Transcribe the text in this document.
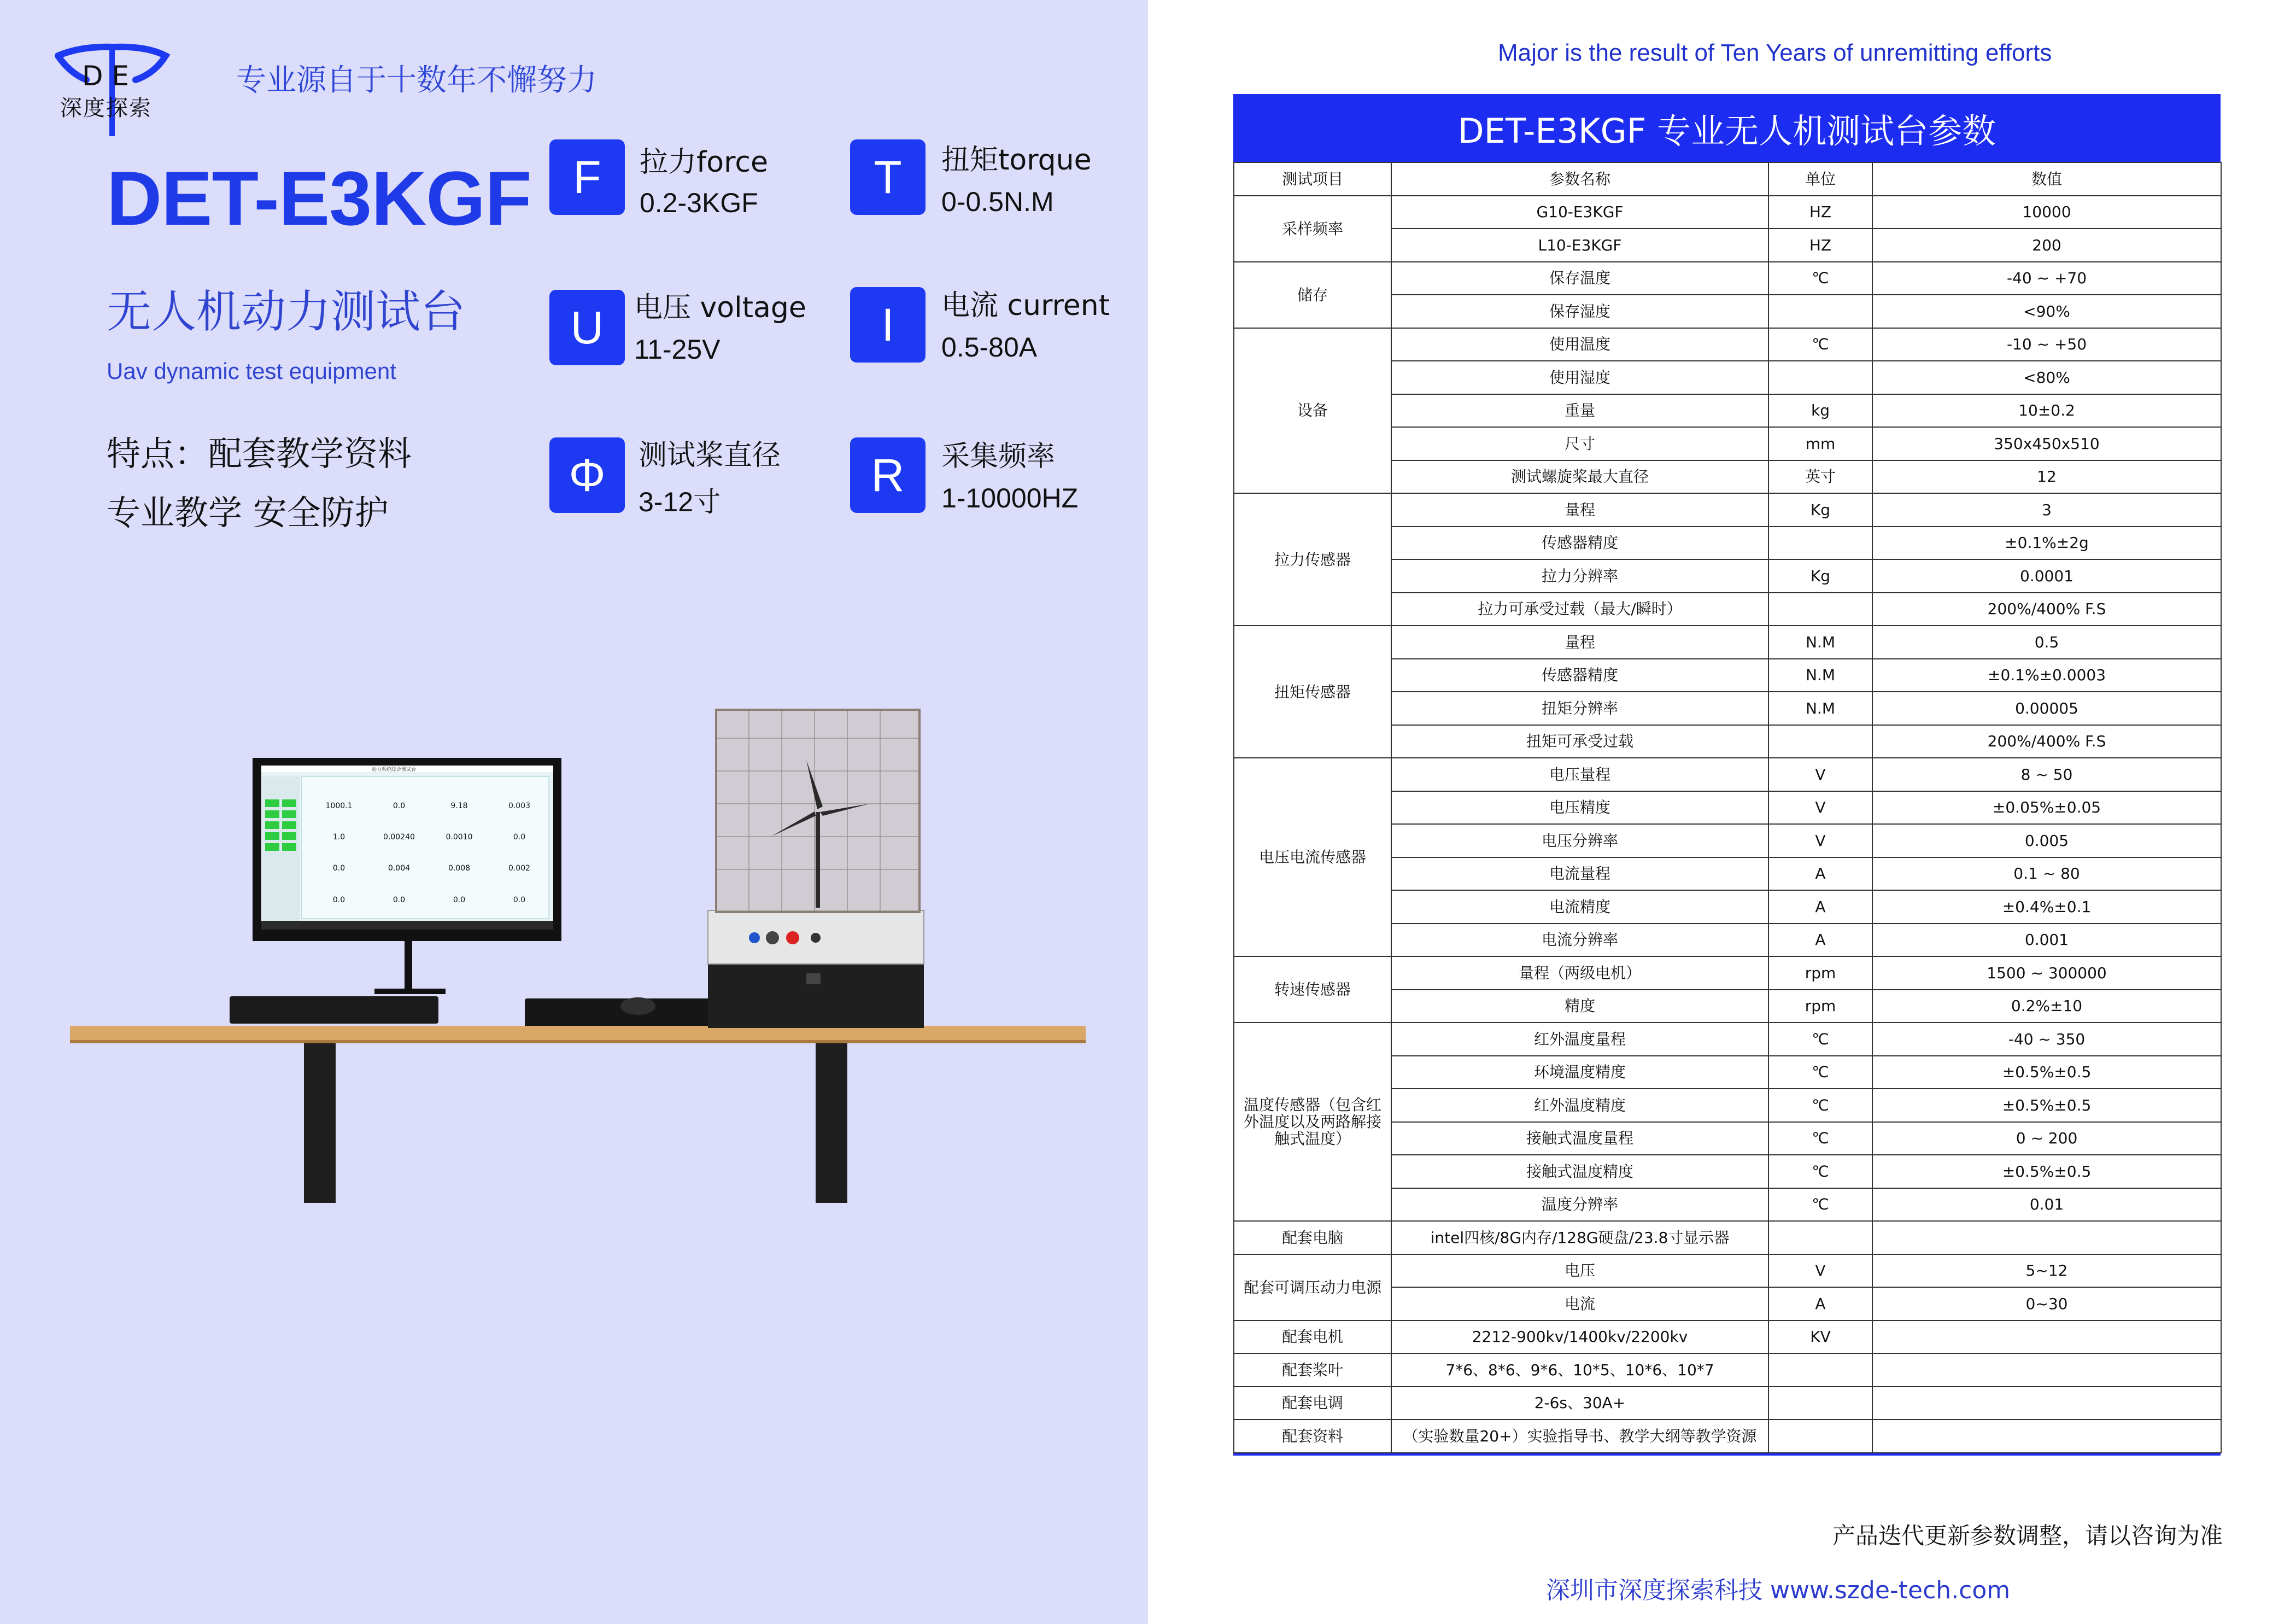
D E
深度探索
专业源自于十数年不懈努力
DET-E3KGF
无人机动力测试台
Uav dynamic test equipment
特点：配套教学资料
专业教学 安全防护
F	拉力force
0.2-3KGF
T	扭矩torque
0-0.5N.M
U	电压 voltage
11-25V	I	电流 current
0.5-80A
Φ	测试桨直径
3-12寸
R	采集频率
1-10000HZ
动力系统综合测试台
1000.1	0.0	9.18	0.003
1.0	0.00240	0.0010	0.0
0.0	0.004	0.008	0.002
0.0	0.0	0.0	0.0
Major is the result of Ten Years of unremitting efforts
DET-E3KGF 专业无人机测试台参数
测试项目	参数名称	单位	数值
采样频率	G10-E3KGF	HZ	10000
	L10-E3KGF	HZ	200
储存	保存温度	℃	-40 ~ +70
	保存湿度		<90%
设备	使用温度	℃	-10 ~ +50
	使用湿度		<80%
	重量	kg	10±0.2
	尺寸	mm	350x450x510
	测试螺旋桨最大直径	英寸	12
拉力传感器	量程	Kg	3
	传感器精度		±0.1%±2g
	拉力分辨率	Kg	0.0001
	拉力可承受过载（最大/瞬时）		200%/400% F.S
扭矩传感器	量程	N.M	0.5
	传感器精度	N.M	±0.1%±0.0003
	扭矩分辨率	N.M	0.00005
	扭矩可承受过载		200%/400% F.S
电压电流传感器	电压量程	V	8 ~ 50
	电压精度	V	±0.05%±0.05
	电压分辨率	V	0.005
	电流量程	A	0.1 ~ 80
	电流精度	A	±0.4%±0.1
	电流分辨率	A	0.001
转速传感器	量程（两级电机）	rpm	1500 ~ 300000
	精度	rpm	0.2%±10
温度传感器（包含红外温度以及两路解接触式温度）	红外温度量程	℃	-40 ~ 350
	环境温度精度	℃	±0.5%±0.5
	红外温度精度	℃	±0.5%±0.5
	接触式温度量程	℃	0 ~ 200
	接触式温度精度	℃	±0.5%±0.5
	温度分辨率	℃	0.01
配套电脑	intel四核/8G内存/128G硬盘/23.8寸显示器		
配套可调压动力电源	电压	V	5~12
	电流	A	0~30
配套电机	2212-900kv/1400kv/2200kv	KV	
配套桨叶	7*6、8*6、9*6、10*5、10*6、10*7		
配套电调	2-6s、30A+		
配套资料	（实验数量20+）实验指导书、教学大纲等教学资源		
产品迭代更新参数调整，请以咨询为准
深圳市深度探索科技 www.szde-tech.com
